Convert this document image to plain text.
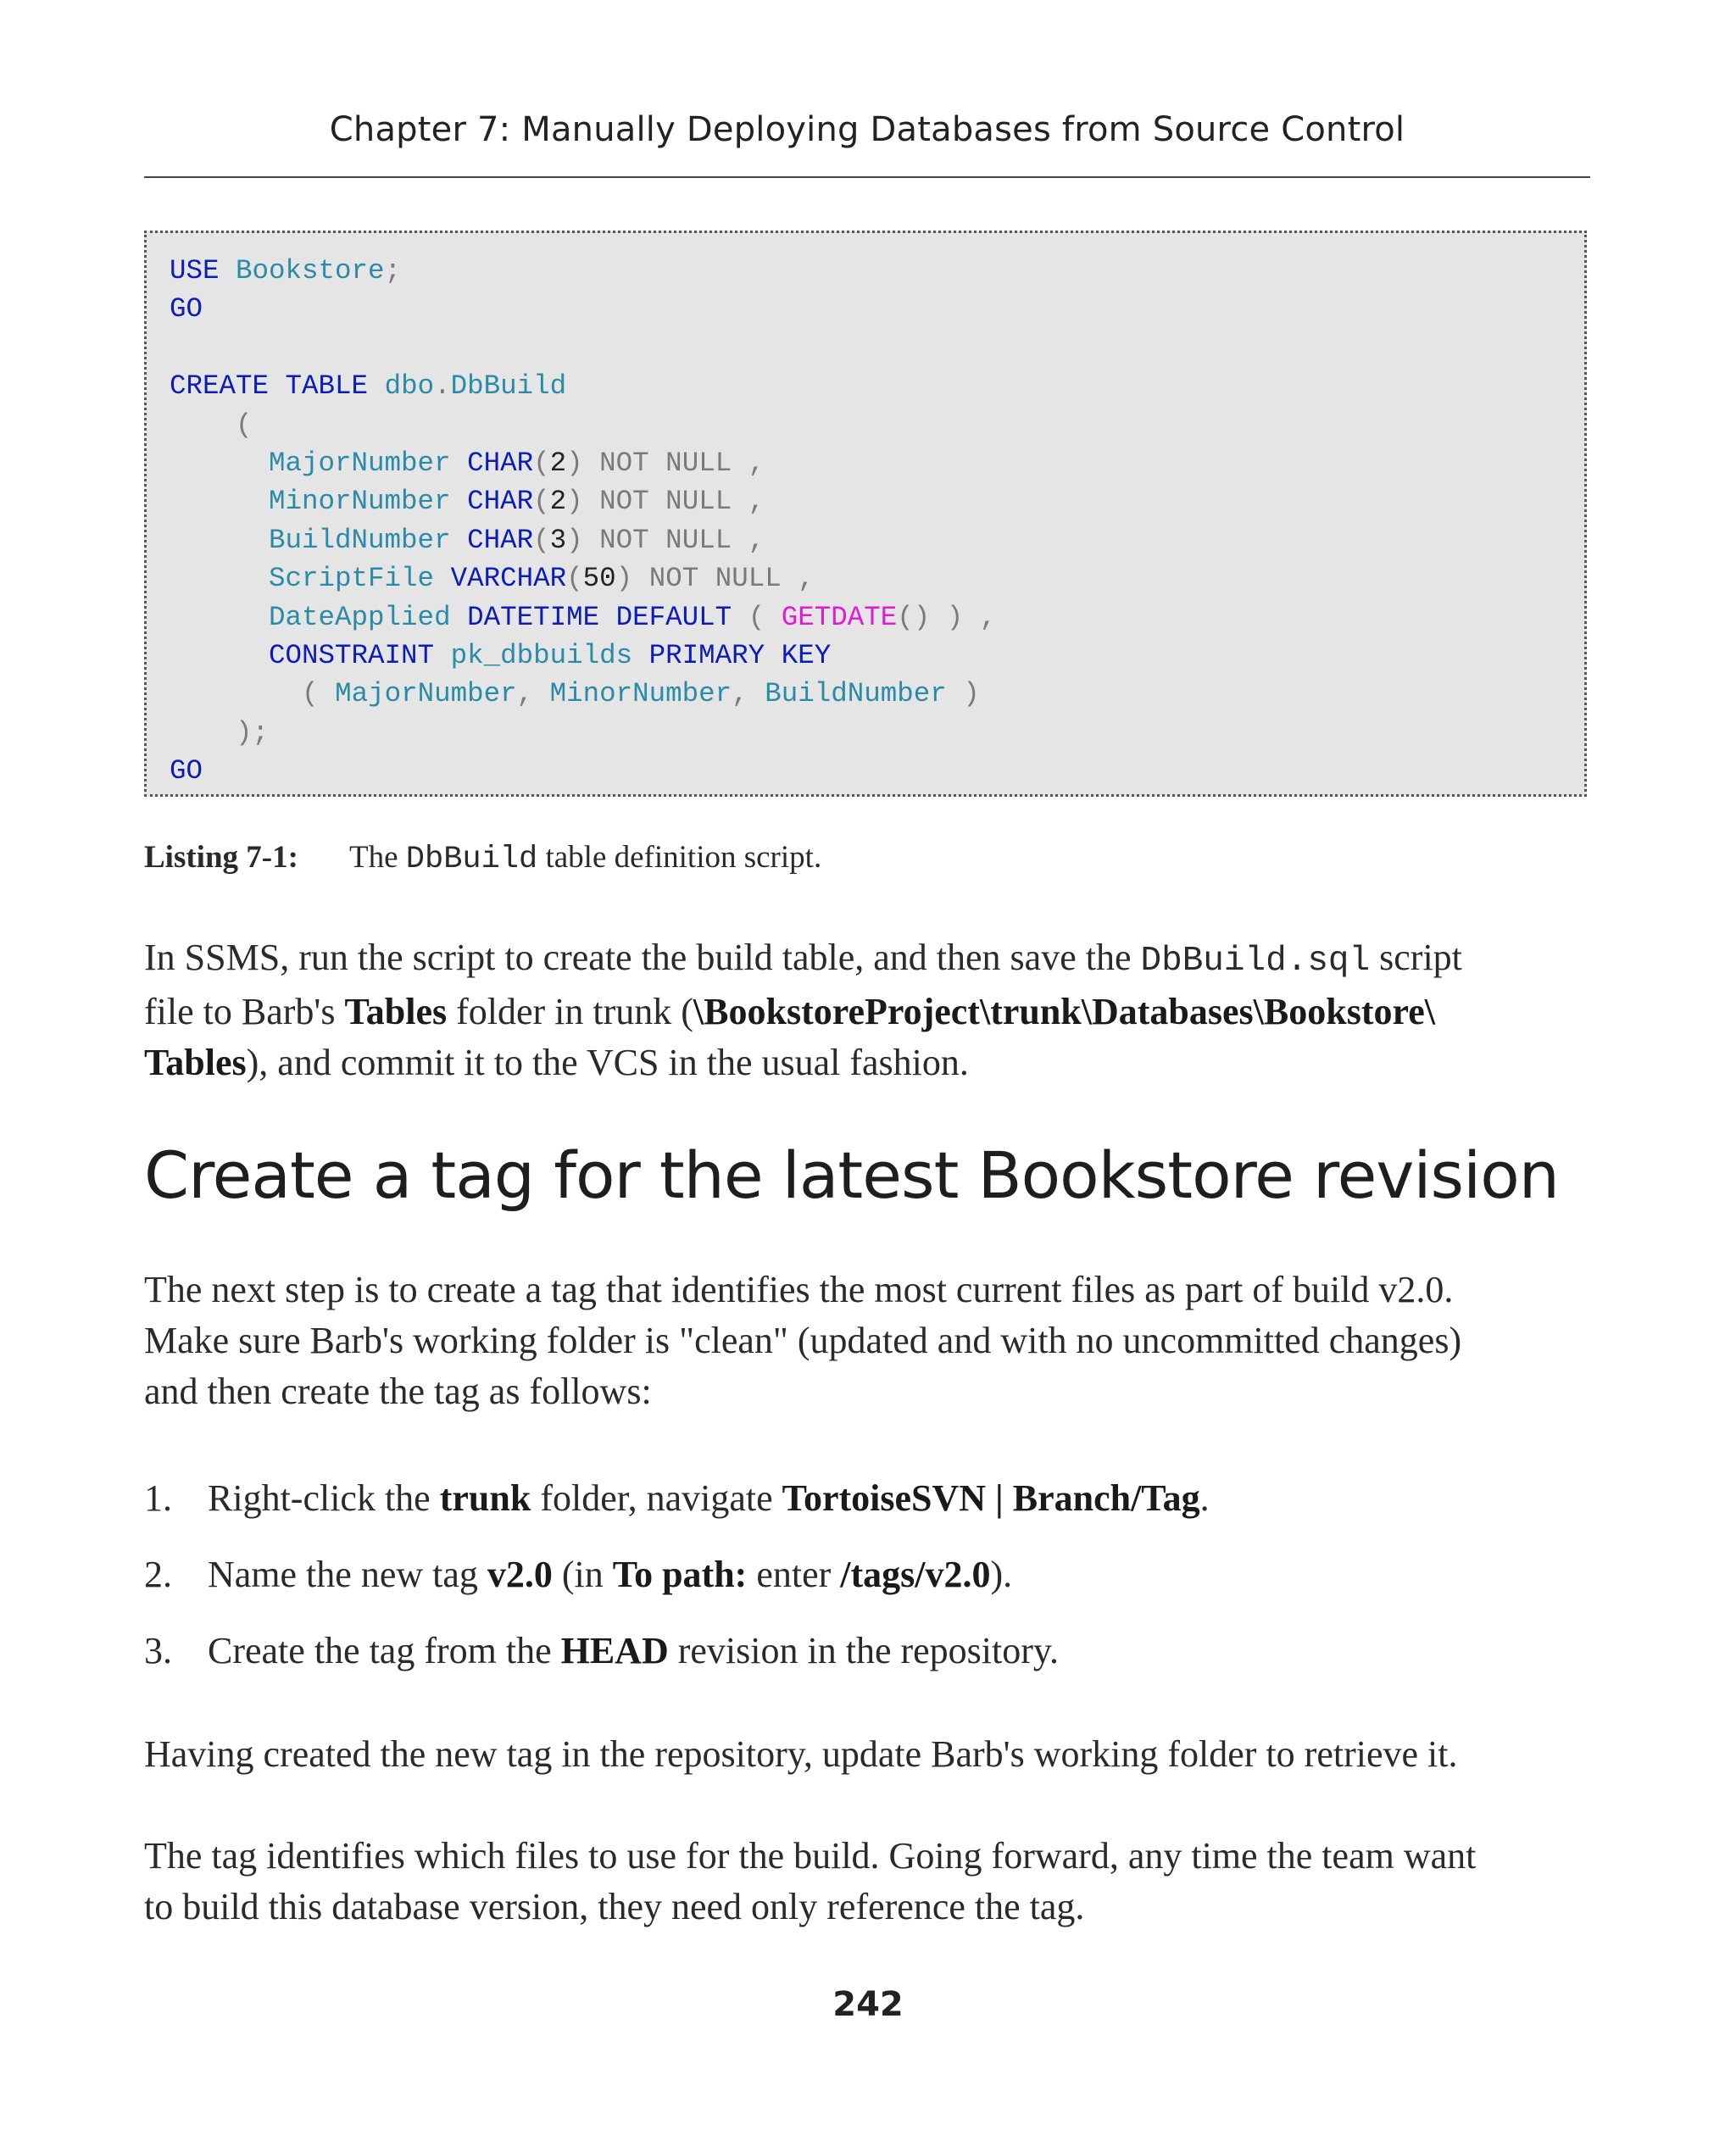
Chapter 7: Manually Deploying Databases from Source Control
USE Bookstore;
GO
CREATE TABLE dbo.DbBuild
(
MajorNumber CHAR(2) NOT NULL ,
MinorNumber CHAR(2) NOT NULL ,
BuildNumber CHAR(3) NOT NULL ,
ScriptFile VARCHAR(50) NOT NULL ,
DateApplied DATETIME DEFAULT ( GETDATE() ) ,
CONSTRAINT pk_dbbuilds PRIMARY KEY
( MajorNumber, MinorNumber, BuildNumber )
);
GO
Listing 7-1: The DbBuild table definition script.
In SSMS, run the script to create the build table, and then save the DbBuild.sql script
file to Barb's Tables folder in trunk (\BookstoreProject\trunk\Databases\Bookstore\
Tables), and commit it to the VCS in the usual fashion.
Create a tag for the latest Bookstore revision
The next step is to create a tag that identifies the most current files as part of build v2.0.
Make sure Barb's working folder is "clean" (updated and with no uncommitted changes)
and then create the tag as follows:
1. Right-click the trunk folder, navigate TortoiseSVN | Branch/Tag.
2. Name the new tag v2.0 (in To path: enter /tags/v2.0).
3. Create the tag from the HEAD revision in the repository.
Having created the new tag in the repository, update Barb's working folder to retrieve it.
The tag identifies which files to use for the build. Going forward, any time the team want
to build this database version, they need only reference the tag.
242
